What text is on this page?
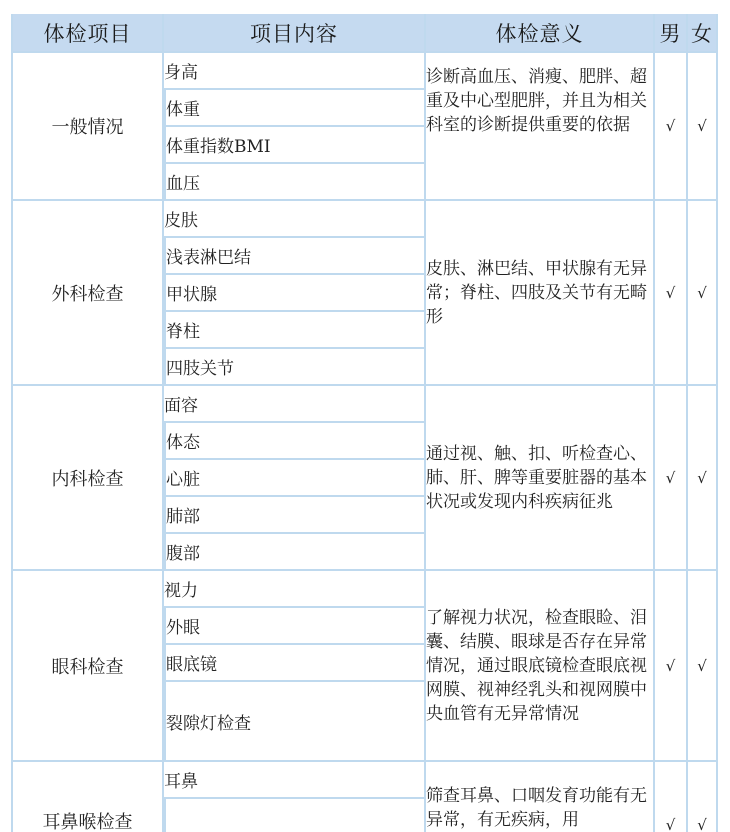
体检项目	项目内容	体检意义	男	女
一般情况	身高	诊断高血压、消瘦、肥胖、超重及中心型肥胖，并且为相关科室的诊断提供重要的依据	√	√
	体重			
	体重指数BMI			
	血压			
外科检查	皮肤	皮肤、淋巴结、甲状腺有无异常；脊柱、四肢及关节有无畸形	√	√
	浅表淋巴结			
	甲状腺			
	脊柱			
	四肢关节			
内科检查	面容	通过视、触、扣、听检查心、肺、肝、脾等重要脏器的基本状况或发现内科疾病征兆	√	√
	体态			
	心脏			
	肺部			
	腹部			
眼科检查	视力	了解视力状况，检查眼睑、泪囊、结膜、眼球是否存在异常情况，通过眼底镜检查眼底视网膜、视神经乳头和视网膜中央血管有无异常情况	√	√
	外眼			
	眼底镜			
	裂隙灯检查			
耳鼻喉检查	耳鼻	筛查耳鼻、口咽发育功能有无异常，有无疾病，用	√	√
